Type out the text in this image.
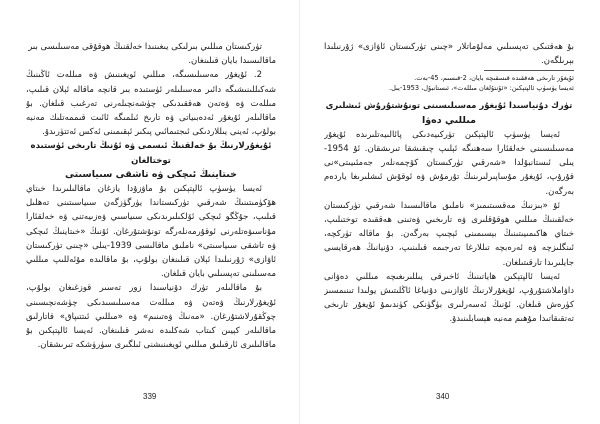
تۈركىستان مىللىي بىرلىكى يىغىنىدا خەلقنىڭ ھوقۇقى مەسىلىسى بىر

ماقالىسىدا بايان قىلىنغان.

2. ئۇيغۇر مەسىلىسىگە، مىللىي ئويغىنىش ۋە مىللەت ئاڭىنىڭ شەكىللىنىشىگە دائىر مەسىلىلەر ئۈستىدە بىر قانچە ماقالە ئېلان قىلىپ، مىللەت ۋە ۋەتەن ھەققىدىكى چۈشەنچىلەرنى تەرغىب قىلغان. بۇ ماقالىلەر ئۇيغۇر ئەدەبىياتى ۋە تارىخ ئىلمىگە ئائىت قىممەتلىك مەنبە بولۇپ، ئەينى يىللاردىكى ئىجتىمائىي پىكىر ئېقىمىنى ئەكس ئەتتۈرىدۇ.

ئۇيغۇرلارنىڭ بۇ خەلقنىڭ ئىسمى ۋە ئۇنىڭ تارىخى ئۈستىدە توختالغان

خىتاينىڭ ئىچكى ۋە تاشقى سىياسىتى

ئەيسا يۈسۈپ ئالپتېكىن بۇ ماۋزۇدا يازغان ماقالىلىرىدا خىتاي ھۆكۈمىتىنىڭ شەرقىي تۈركىستاندا يۈرگۈزگەن سىياسىتىنى تەھلىل قىلىپ، جۇڭگو ئىچكى ئۆلكىلىرىدىكى سىياسىي ۋەزىيەتنى ۋە خەلقئارا مۇناسىۋەتلەرنى ئوقۇرمەنلەرگە تونۇشتۇرغان. ئۇنىڭ «خىتاينىڭ ئىچكى ۋە تاشقى سىياسىتى» ناملىق ماقالىسى 1939-يىلى «چىنى تۈركىستان ئاۋازى» ژۇرنىلىدا ئېلان قىلىنغان بولۇپ، بۇ ماقالىدە مۇئەللىپ مىللىي مەسىلىنى تەپسىلىي بايان قىلغان.

بۇ ماقالىلەر تۈرك دۇنياسىدا زور تەسىر قوزغىغان بولۇپ، ئۇيغۇرلارنىڭ ۋەتەن ۋە مىللەت مەسىلىسىدىكى چۈشەنچىسىنى چوڭقۇرلاشتۇرغان. «مەنىڭ ۋەتىنىم» ۋە «مىللىي ئىتتىپاق» قاتارلىق ماقالىلەر كېيىن كىتاب شەكلىدە نەشر قىلىنغان. ئەيسا ئالپتېكىن بۇ ماقالىلىرى ئارقىلىق مىللىي ئويغىنىشنى ئىلگىرى سۈرۈشكە تىرىشقان.

339

بۇ ھەقتىكى تەپسىلىي مەلۇماتلار «چىنى تۈركىستان ئاۋازى» ژۇرنىلىدا بېرىلگەن.

ئۇيغۇر تارىخى ھەققىدە قىسقىچە بايان، 2-قىسىم، 45-بەت.

ئەيسا يۈسۈپ ئالپتېكىن: «ئۇنتۇلغان مىللەت»، ئىستانبۇل، 1953-يىل.

تۈرك دۇنياسىدا ئۇيغۇر مەسىلىسىنى تونۇشتۇرۇش ئىشلىرى

مىللىي دەۋا

ئەيسا يۈسۈپ ئالپتېكىن تۈركىيەدىكى پائالىيەتلىرىدە ئۇيغۇر مەسىلىسىنى خەلقئارا سەھنىگە ئېلىپ چىقىشقا تىرىشقان. ئۇ 1954-يىلى ئىستانبۇلدا «شەرقىي تۈركىستان كۆچمەنلەر جەمئىيىتى»نى قۇرۇپ، ئۇيغۇر مۇساپىرلىرىنىڭ تۇرمۇش ۋە ئوقۇش ئىشلىرىغا ياردەم بەرگەن.

ئۇ «بىزنىڭ مەقسىتىمىز» ناملىق ماقالىسىدا شەرقىي تۈركىستان خەلقىنىڭ مىللىي ھوقۇقلىرى ۋە تارىخىي ۋەتىنى ھەققىدە توختىلىپ، خىتاي ھاكىمىيىتىنىڭ بېسىمىنى ئېچىپ بەرگەن. بۇ ماقالە تۈركچە، ئىنگلىزچە ۋە ئەرەبچە تىللارغا تەرجىمە قىلىنىپ، دۇنيانىڭ ھەرقايسى جايلىرىدا تارقىتىلغان.

ئەيسا ئالپتېكىن ھاياتىنىڭ ئاخىرقى يىللىرىغىچە مىللىي دەۋانى داۋاملاشتۇرۇپ، ئۇيغۇرلارنىڭ ئاۋازىنى دۇنياغا ئاڭلىتىش يولىدا تىنىمسىز كۈرەش قىلغان. ئۇنىڭ ئەسەرلىرى بۈگۈنكى كۈندىمۇ ئۇيغۇر تارىخى تەتقىقاتىدا مۇھىم مەنبە ھېسابلىنىدۇ.

340
